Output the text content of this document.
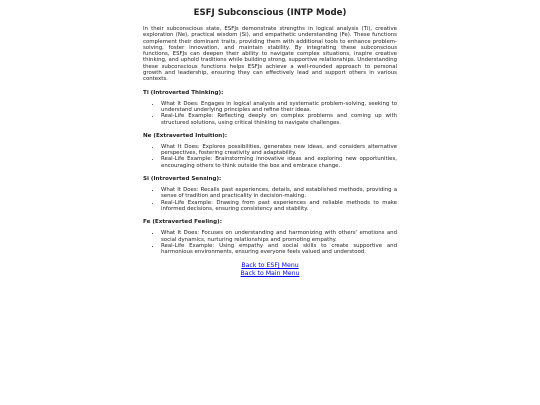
ESFJ Subconscious (INTP Mode)

In their subconscious state, ESFJs demonstrate strengths in logical analysis (Ti), creative exploration (Ne), practical wisdom (Si), and empathetic understanding (Fe). These functions complement their dominant traits, providing them with additional tools to enhance problem-solving, foster innovation, and maintain stability. By integrating these subconscious functions, ESFJs can deepen their ability to navigate complex situations, inspire creative thinking, and uphold traditions while building strong, supportive relationships. Understanding these subconscious functions helps ESFJs achieve a well-rounded approach to personal growth and leadership, ensuring they can effectively lead and support others in various contexts.

Ti (Introverted Thinking):
• What It Does: Engages in logical analysis and systematic problem-solving, seeking to understand underlying principles and refine their ideas.
• Real-Life Example: Reflecting deeply on complex problems and coming up with structured solutions, using critical thinking to navigate challenges.
Ne (Extraverted Intuition):
• What It Does: Explores possibilities, generates new ideas, and considers alternative perspectives, fostering creativity and adaptability.
• Real-Life Example: Brainstorming innovative ideas and exploring new opportunities, encouraging others to think outside the box and embrace change.
Si (Introverted Sensing):
• What It Does: Recalls past experiences, details, and established methods, providing a sense of tradition and practicality in decision-making.
• Real-Life Example: Drawing from past experiences and reliable methods to make informed decisions, ensuring consistency and stability.
Fe (Extraverted Feeling):
• What It Does: Focuses on understanding and harmonizing with others' emotions and social dynamics, nurturing relationships and promoting empathy.
• Real-Life Example: Using empathy and social skills to create supportive and harmonious environments, ensuring everyone feels valued and understood.
Back to ESFJ Menu
Back to Main Menu
